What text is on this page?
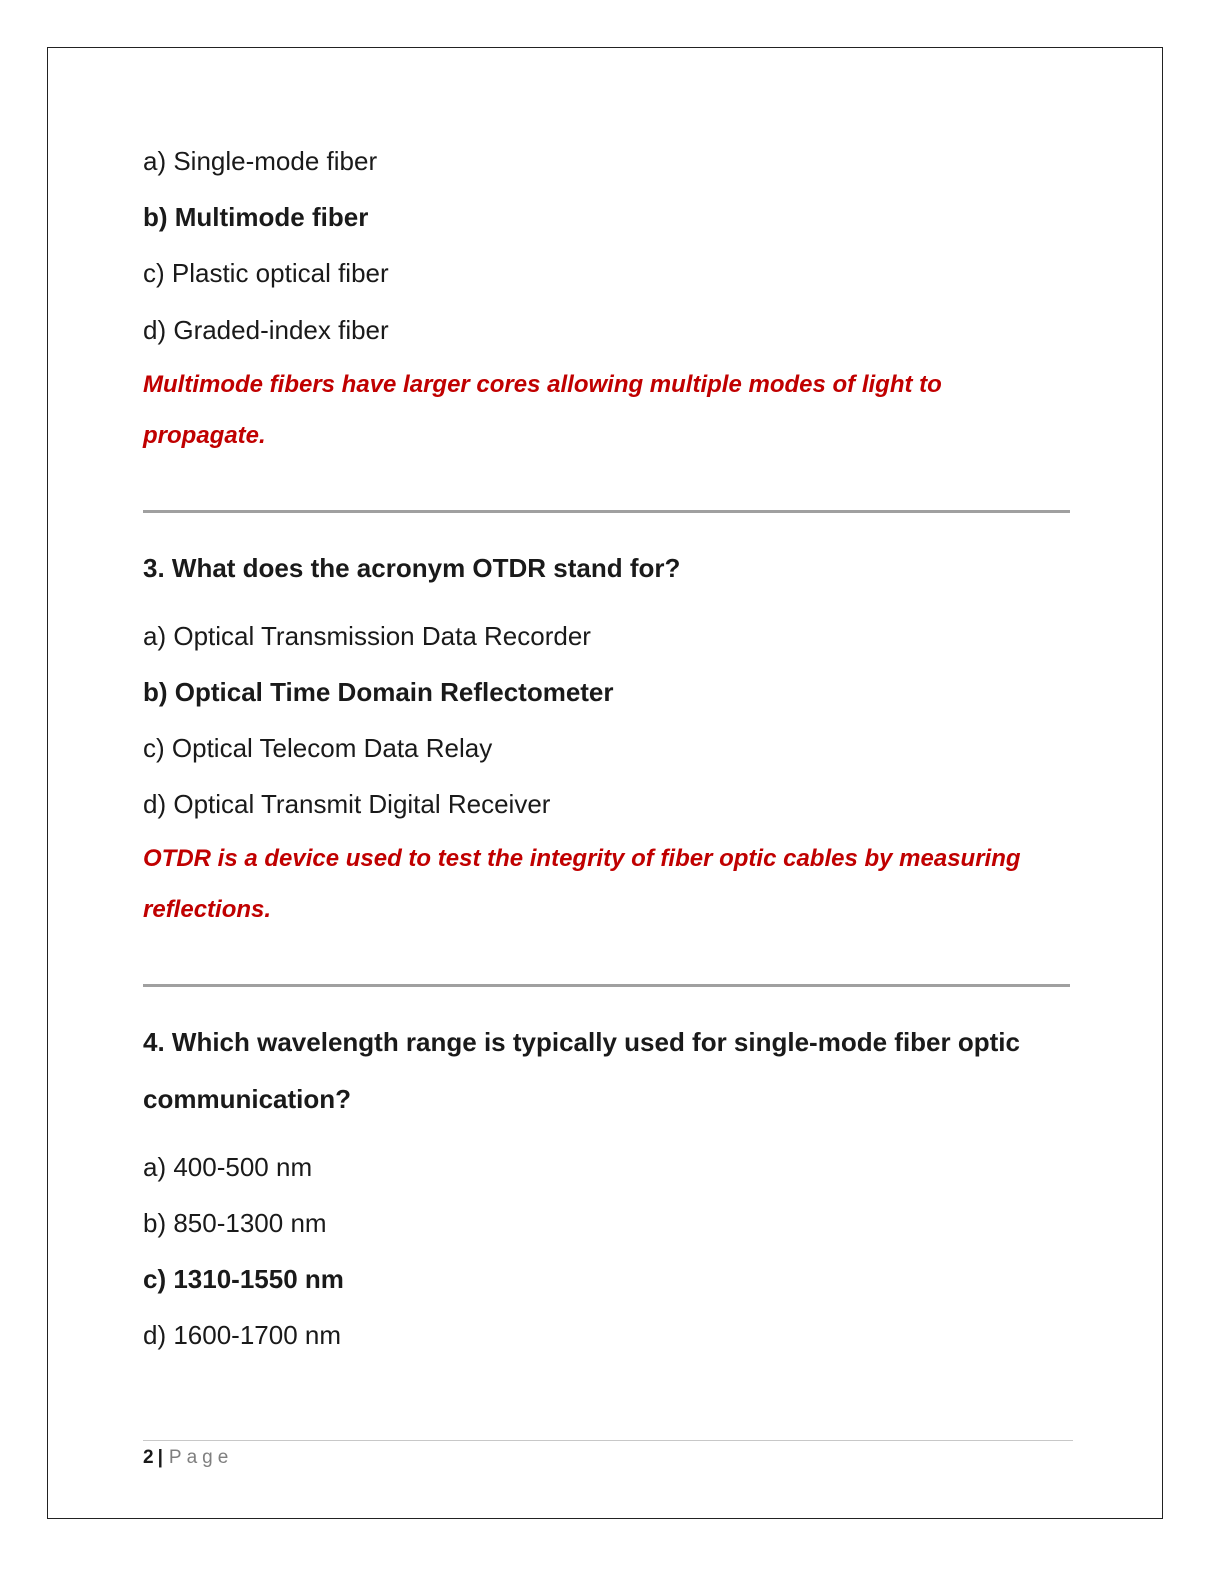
a) Single-mode fiber
b) Multimode fiber
c) Plastic optical fiber
d) Graded-index fiber
Multimode fibers have larger cores allowing multiple modes of light to
propagate.
3. What does the acronym OTDR stand for?
a) Optical Transmission Data Recorder
b) Optical Time Domain Reflectometer
c) Optical Telecom Data Relay
d) Optical Transmit Digital Receiver
OTDR is a device used to test the integrity of fiber optic cables by measuring
reflections.
4. Which wavelength range is typically used for single-mode fiber optic
communication?
a) 400-500 nm
b) 850-1300 nm
c) 1310-1550 nm
d) 1600-1700 nm
2 | Page
